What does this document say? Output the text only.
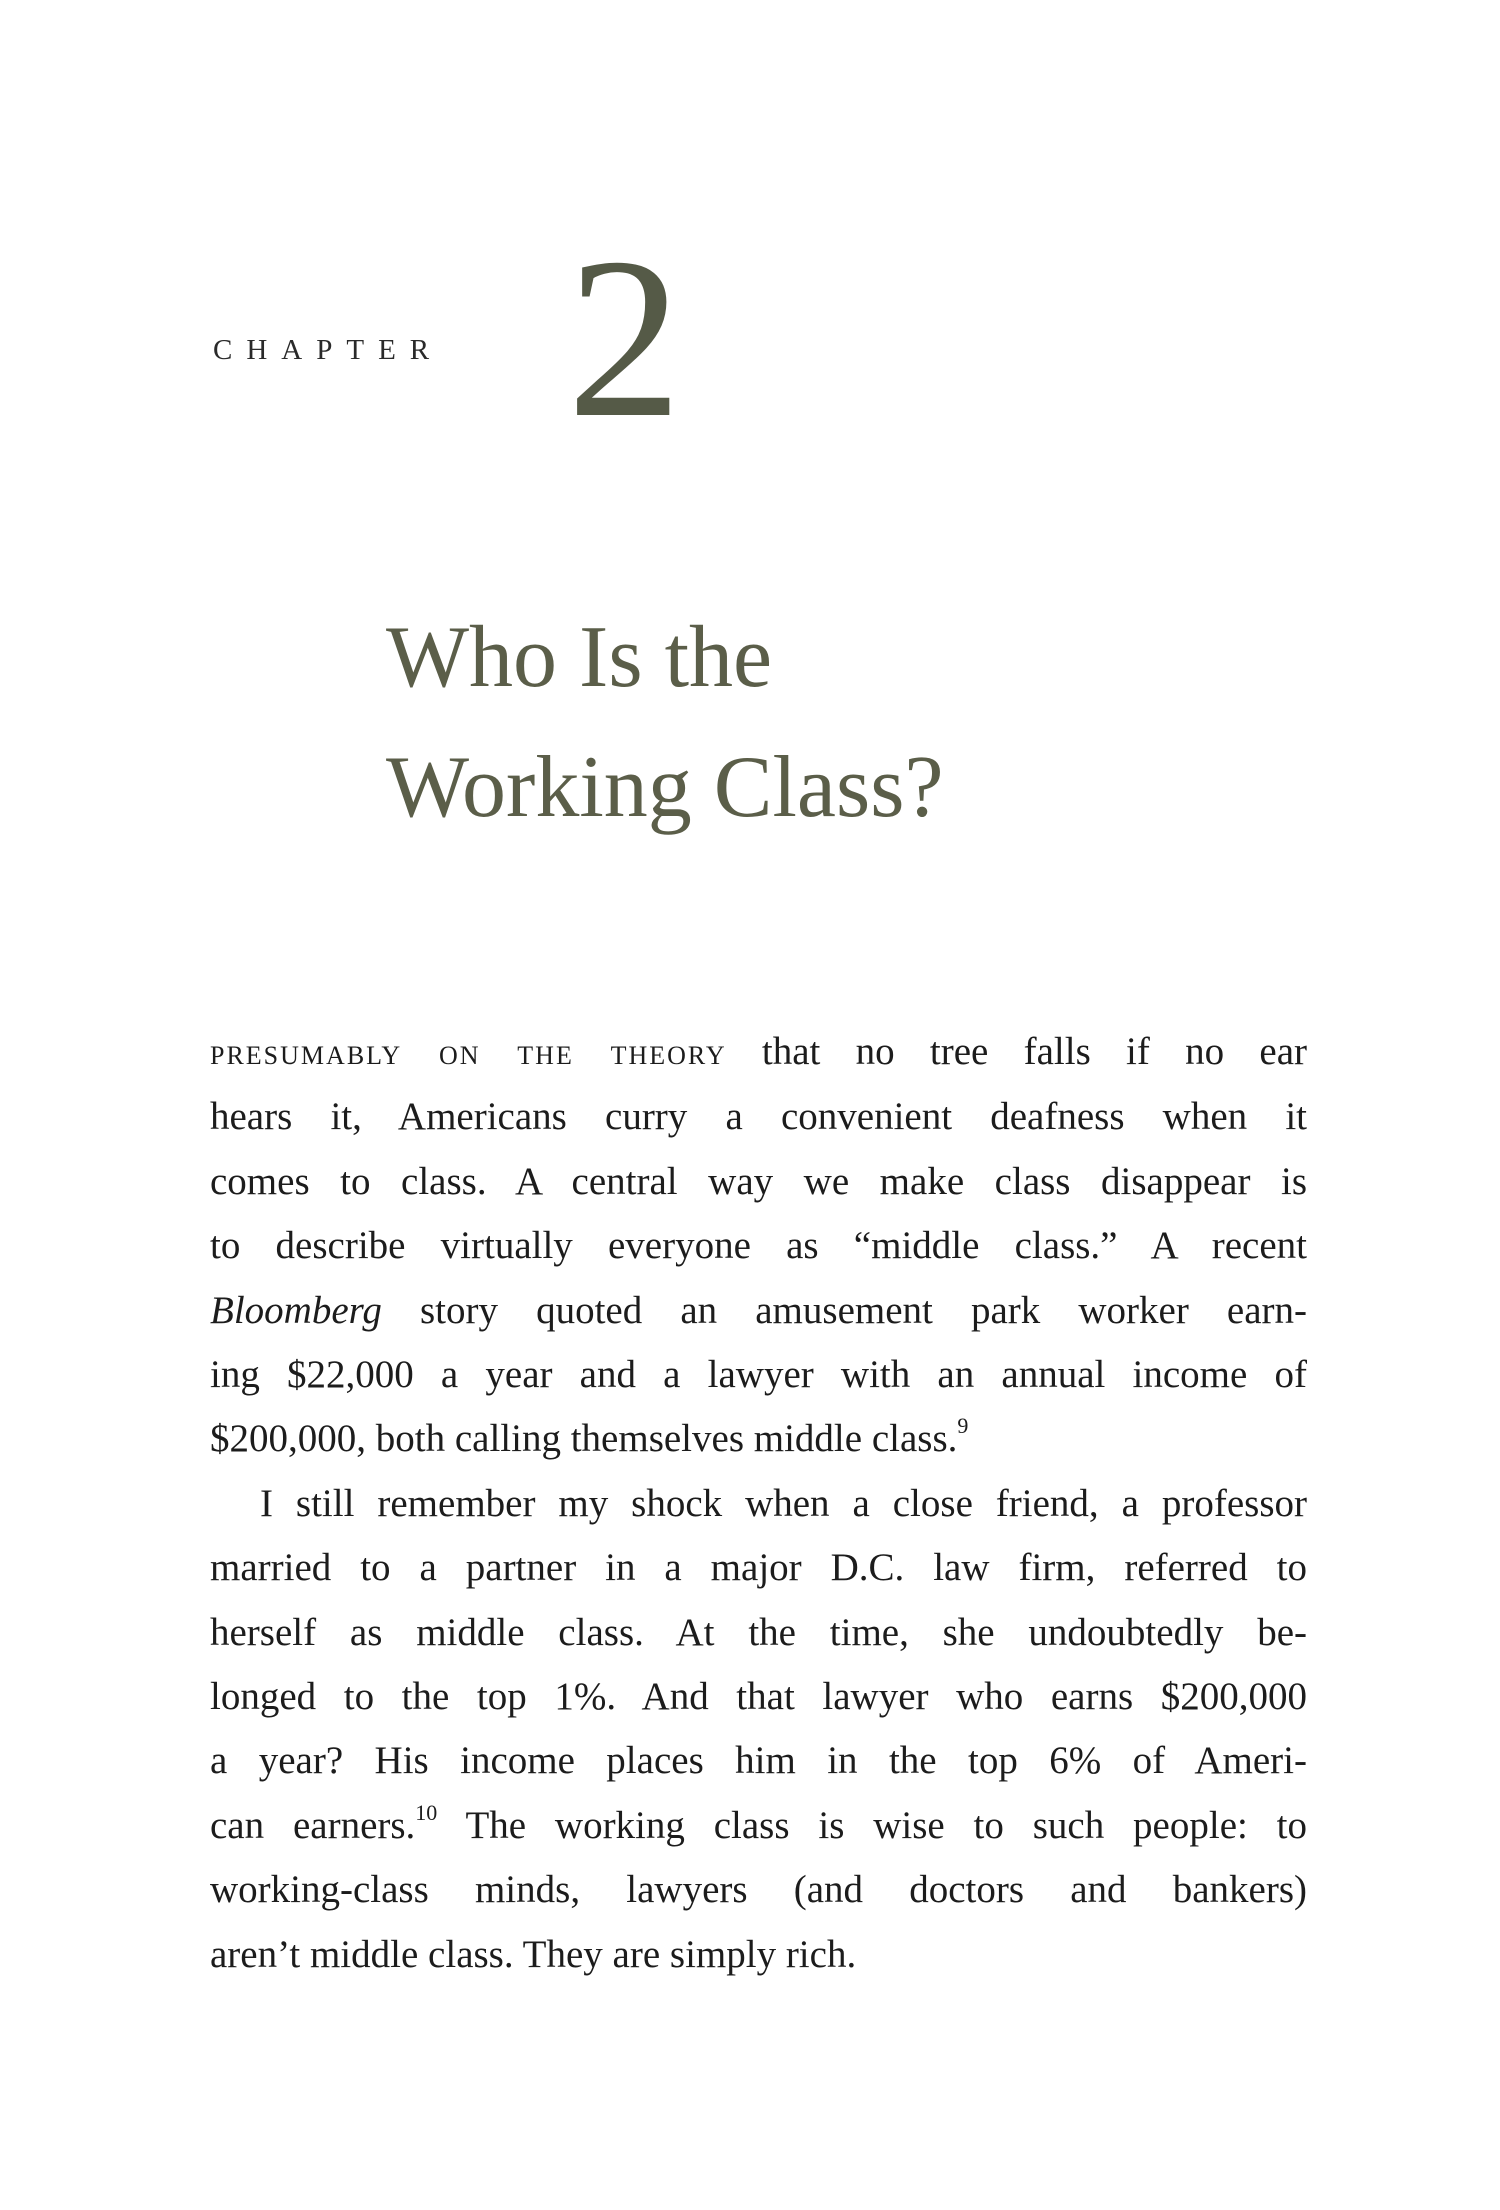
CHAPTER 2
Who Is the
Working Class?

presumably on the theory that no tree falls if no ear
hears it, Americans curry a convenient deafness when it
comes to class. A central way we make class disappear is
to describe virtually everyone as “middle class.” A recent
Bloomberg story quoted an amusement park worker earn-
ing $22,000 a year and a lawyer with an annual income of
$200,000, both calling themselves middle class.$^9$

I still remember my shock when a close friend, a professor
married to a partner in a major D.C. law firm, referred to
herself as middle class. At the time, she undoubtedly be-
longed to the top 1%. And that lawyer who earns $200,000
a year? His income places him in the top 6% of Ameri-
can earners.$^{10}$ The working class is wise to such people: to
working-class minds, lawyers (and doctors and bankers)
aren’t middle class. They are simply rich.
